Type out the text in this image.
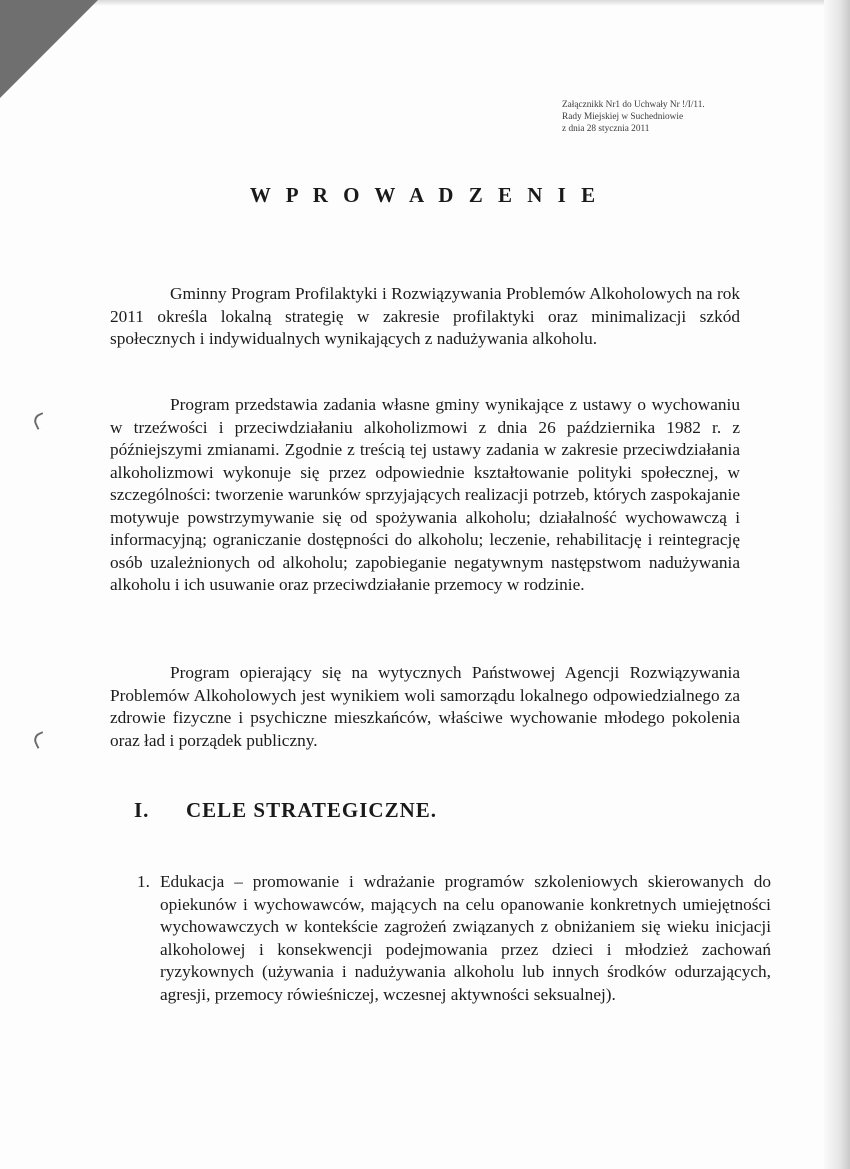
Załącznikk Nr1 do Uchwały Nr !/I/11.
Rady Miejskiej w Suchedniowie
z dnia 28 stycznia 2011
W P R O W A D Z E N I E

Gminny Program Profilaktyki i Rozwiązywania Problemów Alkoholowych na rok 2011 określa lokalną strategię w zakresie profilaktyki oraz minimalizacji szkód społecznych i indywidualnych wynikających z nadużywania alkoholu.

Program przedstawia zadania własne gminy wynikające z ustawy o wychowaniu w trzeźwości i przeciwdziałaniu alkoholizmowi z dnia 26 października 1982 r. z późniejszymi zmianami. Zgodnie z treścią tej ustawy zadania w zakresie przeciwdziałania alkoholizmowi wykonuje się przez odpowiednie kształtowanie polityki społecznej, w szczególności: tworzenie warunków sprzyjających realizacji potrzeb, których zaspokajanie motywuje powstrzymywanie się od spożywania alkoholu; działalność wychowawczą i informacyjną; ograniczanie dostępności do alkoholu; leczenie, rehabilitację i reintegrację osób uzależnionych od alkoholu; zapobieganie negatywnym następstwom nadużywania alkoholu i ich usuwanie oraz przeciwdziałanie przemocy w rodzinie.

Program opierający się na wytycznych Państwowej Agencji Rozwiązywania Problemów Alkoholowych jest wynikiem woli samorządu lokalnego odpowiedzialnego za zdrowie fizyczne i psychiczne mieszkańców, właściwe wychowanie młodego pokolenia oraz ład i porządek publiczny.

I. CELE STRATEGICZNE.
1. Edukacja – promowanie i wdrażanie programów szkoleniowych skierowanych do opiekunów i wychowawców, mających na celu opanowanie konkretnych umiejętności wychowawczych w kontekście zagrożeń związanych z obniżaniem się wieku inicjacji alkoholowej i konsekwencji podejmowania przez dzieci i młodzież zachowań ryzykownych (używania i nadużywania alkoholu lub innych środków odurzających, agresji, przemocy rówieśniczej, wczesnej aktywności seksualnej).
